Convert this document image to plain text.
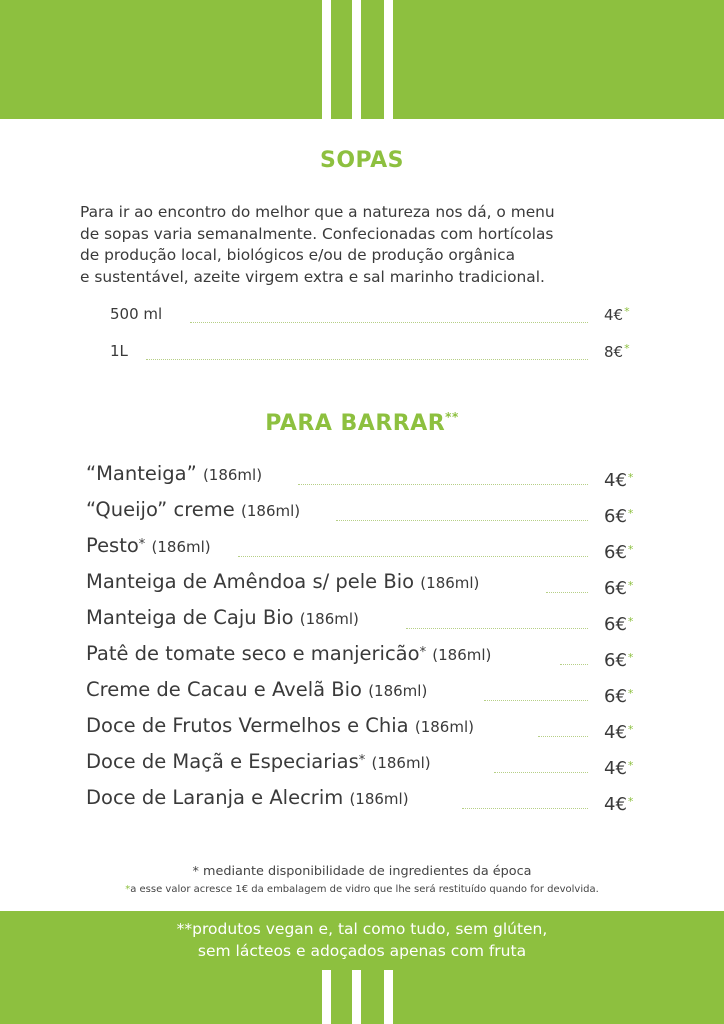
SOPAS
Para ir ao encontro do melhor que a natureza nos dá, o menu
de sopas varia semanalmente. Confecionadas com hortícolas
de produção local, biológicos e/ou de produção orgânica
e sustentável, azeite virgem extra e sal marinho tradicional.
500 ml	4€*
1L	8€*
PARA BARRAR**
“Manteiga” (186ml)	4€*
“Queijo” creme (186ml)	6€*
Pesto* (186ml)	6€*
Manteiga de Amêndoa s/ pele Bio (186ml)	6€*
Manteiga de Caju Bio (186ml)	6€*
Patê de tomate seco e manjericão* (186ml)	6€*
Creme de Cacau e Avelã Bio (186ml)	6€*
Doce de Frutos Vermelhos e Chia (186ml)	4€*
Doce de Maçã e Especiarias* (186ml)	4€*
Doce de Laranja e Alecrim (186ml)	4€*
* mediante disponibilidade de ingredientes da época
*a esse valor acresce 1€ da embalagem de vidro que lhe será restituído quando for devolvida.
**produtos vegan e, tal como tudo, sem glúten,
sem lácteos e adoçados apenas com fruta
